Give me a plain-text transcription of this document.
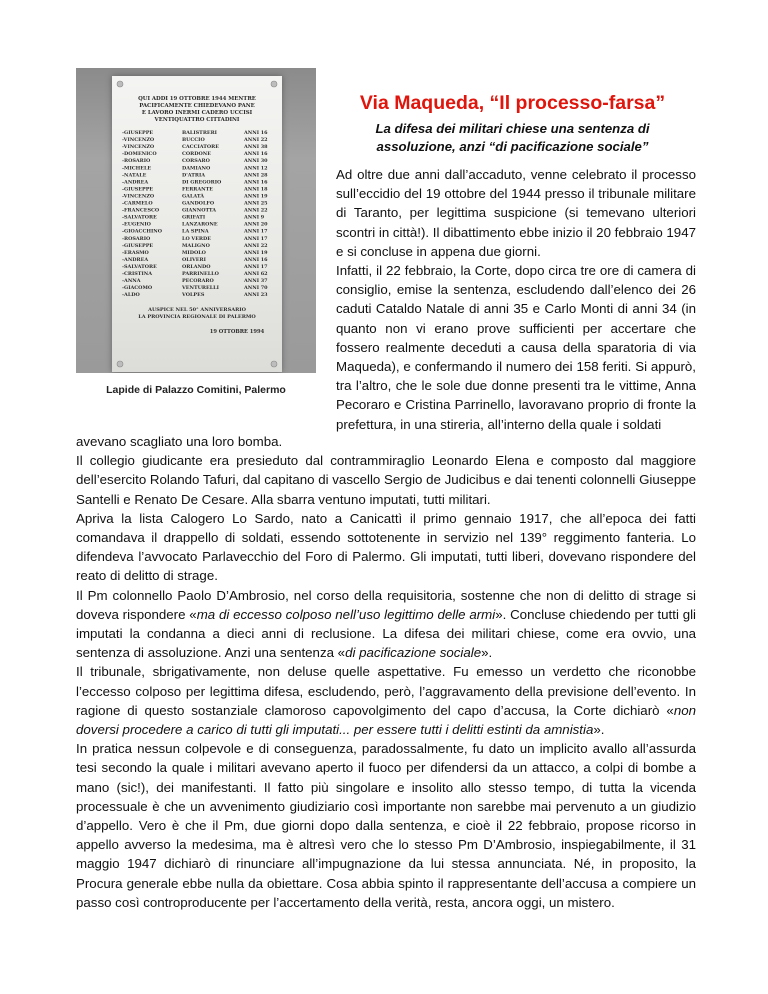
QUI ADDI 19 OTTOBRE 1944 MENTRE
PACIFICAMENTE CHIEDEVANO PANE
E LAVORO INERMI CADERO UCCISI
VENTIQUATTRO CITTADINI
-GIUSEPPE	BALISTRERI	ANNI 16
-VINCENZO	BUCCIO	ANNI 22
-VINCENZO	CACCIATORE	ANNI 38
-DOMENICO	CORDONE	ANNI 16
-ROSARIO	CORSARO	ANNI 30
-MICHELE	DAMIANO	ANNI 12
-NATALE	D'ATRIA	ANNI 28
-ANDREA	DI GREGORIO	ANNI 16
-GIUSEPPE	FERRANTE	ANNI 18
-VINCENZO	GALATÀ	ANNI 19
-CARMELO	GANDOLFO	ANNI 25
-FRANCESCO	GIANNOTTA	ANNI 22
-SALVATORE	GRIFATI	ANNI 9
-EUGENIO	LANZARONE	ANNI 20
-GIOACCHINO	LA SPINA	ANNI 17
-ROSARIO	LO VERDE	ANNI 17
-GIUSEPPE	MALIGNO	ANNI 22
-ERASMO	MIDOLO	ANNI 19
-ANDREA	OLIVERI	ANNI 16
-SALVATORE	ORLANDO	ANNI 17
-CRISTINA	PARRINELLO	ANNI 62
-ANNA	PECORARO	ANNI 37
-GIACOMO	VENTURELLI	ANNI 70
-ALDO	VOLPES	ANNI 23
AUSPICE NEL 50° ANNIVERSARIO
LA PROVINCIA REGIONALE DI PALERMO
19 OTTOBRE 1994
Lapide di Palazzo Comitini, Palermo
Via Maqueda, “Il processo-farsa”
La difesa dei militari chiese una sentenza di
assoluzione, anzi “di pacificazione sociale”

Ad oltre due anni dall’accaduto, venne celebrato il processo sull’eccidio del 19 ottobre del 1944 presso il tribunale militare di Taranto, per legittima suspicione (si temevano ulteriori scontri in città!). Il dibattimento ebbe inizio il 20 febbraio 1947 e si concluse in appena due giorni.

Infatti, il 22 febbraio, la Corte, dopo circa tre ore di camera di consiglio, emise la sentenza, escludendo dall’elenco dei 26 caduti Cataldo Natale di anni 35 e Carlo Monti di anni 34 (in quanto non vi erano prove sufficienti per accertare che fossero realmente deceduti a causa della sparatoria di via Maqueda), e confermando il numero dei 158 feriti. Si appurò, tra l’altro, che le sole due donne presenti tra le vittime, Anna Pecoraro e Cristina Parrinello, lavoravano proprio di fronte la prefettura, in una stireria, all’interno della quale i soldati

avevano scagliato una loro bomba.

Il collegio giudicante era presieduto dal contrammiraglio Leonardo Elena e composto dal maggiore dell’esercito Rolando Tafuri, dal capitano di vascello Sergio de Judicibus e dai tenenti colonnelli Giuseppe Santelli e Renato De Cesare. Alla sbarra ventuno imputati, tutti militari.

Apriva la lista Calogero Lo Sardo, nato a Canicattì il primo gennaio 1917, che all’epoca dei fatti comandava il drappello di soldati, essendo sottotenente in servizio nel 139° reggimento fanteria. Lo difendeva l’avvocato Parlavecchio del Foro di Palermo. Gli imputati, tutti liberi, dovevano rispondere del reato di delitto di strage.

Il Pm colonnello Paolo D’Ambrosio, nel corso della requisitoria, sostenne che non di delitto di strage si doveva rispondere «ma di eccesso colposo nell’uso legittimo delle armi». Concluse chiedendo per tutti gli imputati la condanna a dieci anni di reclusione. La difesa dei militari chiese, come era ovvio, una sentenza di assoluzione. Anzi una sentenza «di pacificazione sociale».

Il tribunale, sbrigativamente, non deluse quelle aspettative. Fu emesso un verdetto che riconobbe l’eccesso colposo per legittima difesa, escludendo, però, l’aggravamento della previsione dell’evento. In ragione di questo sostanziale clamoroso capovolgimento del capo d’accusa, la Corte dichiarò «non doversi procedere a carico di tutti gli imputati... per essere tutti i delitti estinti da amnistia».

In pratica nessun colpevole e di conseguenza, paradossalmente, fu dato un implicito avallo all’assurda tesi secondo la quale i militari avevano aperto il fuoco per difendersi da un attacco, a colpi di bombe a mano (sic!), dei manifestanti. Il fatto più singolare e insolito allo stesso tempo, di tutta la vicenda processuale è che un avvenimento giudiziario così importante non sarebbe mai pervenuto a un giudizio d’appello. Vero è che il Pm, due giorni dopo dalla sentenza, e cioè il 22 febbraio, propose ricorso in appello avverso la medesima, ma è altresì vero che lo stesso Pm D’Ambrosio, inspiegabilmente, il 31 maggio 1947 dichiarò di rinunciare all’impugnazione da lui stessa annunciata. Né, in proposito, la Procura generale ebbe nulla da obiettare. Cosa abbia spinto il rappresentante dell’accusa a compiere un passo così controproducente per l’accertamento della verità, resta, ancora oggi, un mistero.
